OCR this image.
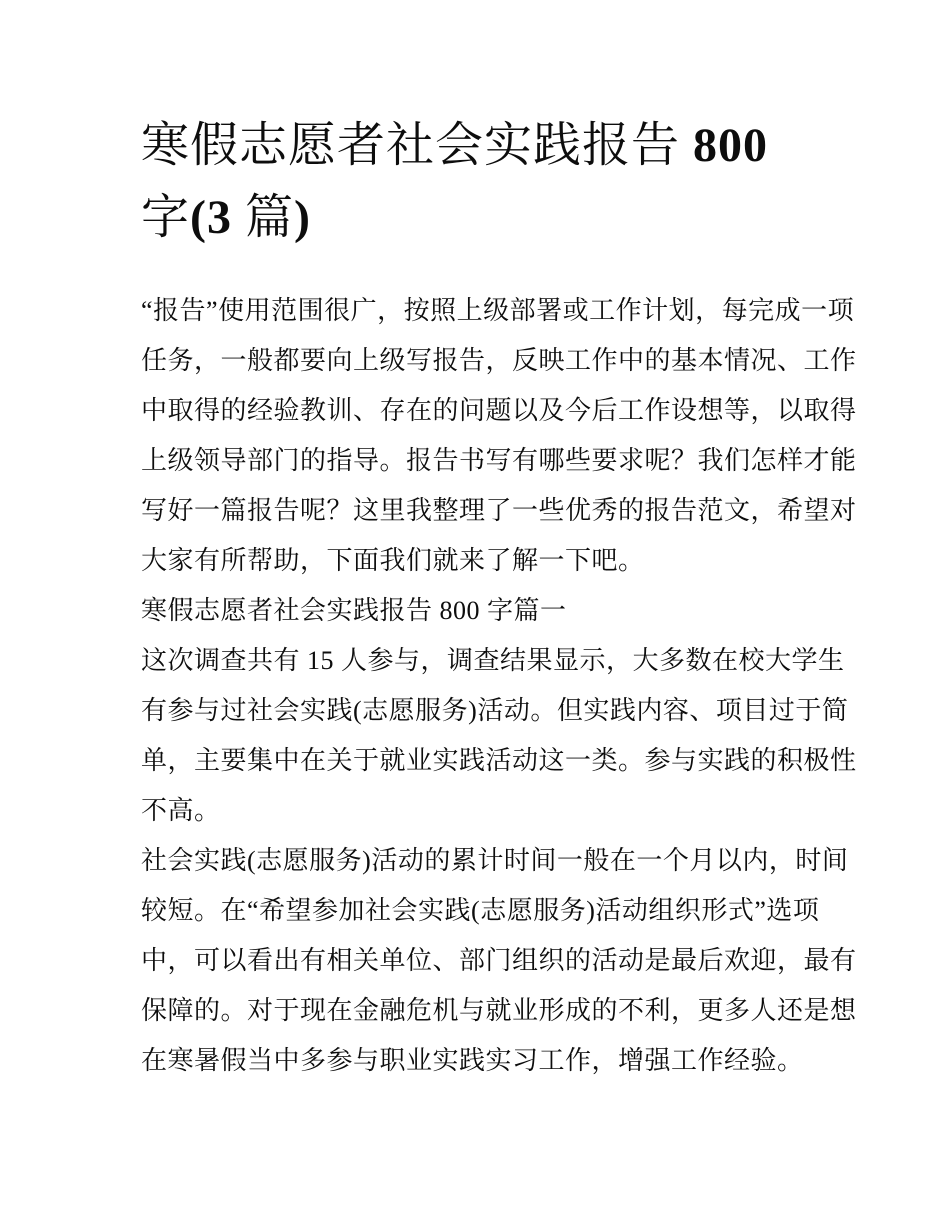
寒假志愿者社会实践报告 800
字(3 篇)
“报告”使用范围很广，按照上级部署或工作计划，每完成一项
任务，一般都要向上级写报告，反映工作中的基本情况、工作
中取得的经验教训、存在的问题以及今后工作设想等，以取得
上级领导部门的指导。报告书写有哪些要求呢？我们怎样才能
写好一篇报告呢？这里我整理了一些优秀的报告范文，希望对
大家有所帮助，下面我们就来了解一下吧。
寒假志愿者社会实践报告 800 字篇一
这次调查共有 15 人参与，调查结果显示，大多数在校大学生
有参与过社会实践(志愿服务)活动。但实践内容、项目过于简
单，主要集中在关于就业实践活动这一类。参与实践的积极性
不高。
社会实践(志愿服务)活动的累计时间一般在一个月以内，时间
较短。在“希望参加社会实践(志愿服务)活动组织形式”选项
中，可以看出有相关单位、部门组织的活动是最后欢迎，最有
保障的。对于现在金融危机与就业形成的不利，更多人还是想
在寒暑假当中多参与职业实践实习工作，增强工作经验。
